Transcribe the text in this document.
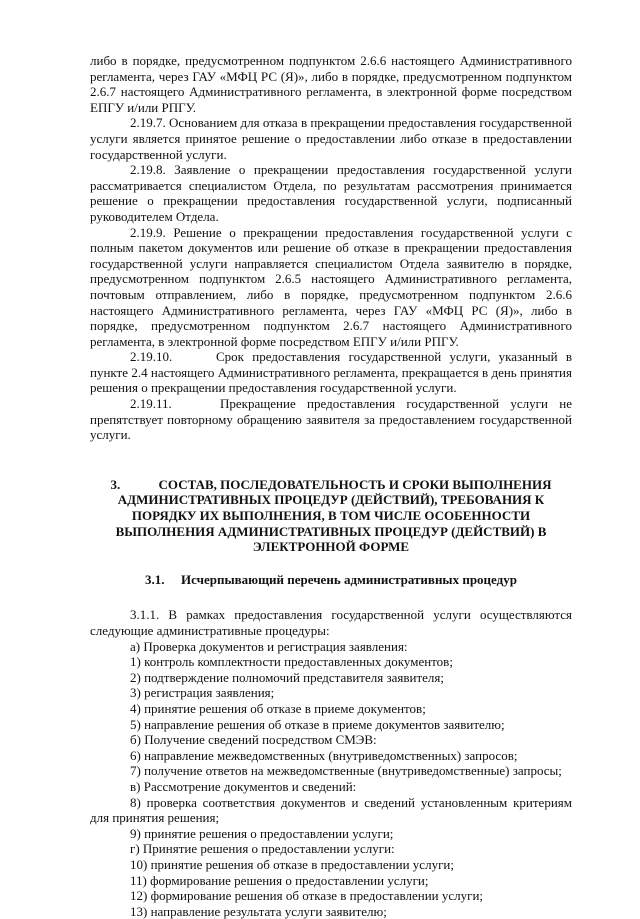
либо в порядке, предусмотренном подпунктом 2.6.6 настоящего Административного регламента, через ГАУ «МФЦ РС (Я)», либо в порядке, предусмотренном подпунктом 2.6.7 настоящего Административного регламента, в электронной форме посредством ЕПГУ и/или РПГУ.

2.19.7. Основанием для отказа в прекращении предоставления государственной услуги является принятое решение о предоставлении либо отказе в предоставлении государственной услуги.

2.19.8. Заявление о прекращении предоставления государственной услуги рассматривается специалистом Отдела, по результатам рассмотрения принимается решение о прекращении предоставления государственной услуги, подписанный руководителем Отдела.

2.19.9. Решение о прекращении предоставления государственной услуги с полным пакетом документов или решение об отказе в прекращении предоставления государственной услуги направляется специалистом Отдела заявителю в порядке, предусмотренном подпунктом 2.6.5 настоящего Административного регламента, почтовым отправлением, либо в порядке, предусмотренном подпунктом 2.6.6 настоящего Административного регламента, через ГАУ «МФЦ РС (Я)», либо в порядке, предусмотренном подпунктом 2.6.7 настоящего Административного регламента, в электронной форме посредством ЕПГУ и/или РПГУ.

2.19.10.	Срок предоставления государственной услуги, указанный в пункте 2.4 настоящего Административного регламента, прекращается в день принятия решения о прекращении предоставления государственной услуги.

2.19.11.	Прекращение предоставления государственной услуги не препятствует повторному обращению заявителя за предоставлением государственной услуги.

3.	СОСТАВ, ПОСЛЕДОВАТЕЛЬНОСТЬ И СРОКИ ВЫПОЛНЕНИЯ АДМИНИСТРАТИВНЫХ ПРОЦЕДУР (ДЕЙСТВИЙ), ТРЕБОВАНИЯ К ПОРЯДКУ ИХ ВЫПОЛНЕНИЯ, В ТОМ ЧИСЛЕ ОСОБЕННОСТИ ВЫПОЛНЕНИЯ АДМИНИСТРАТИВНЫХ ПРОЦЕДУР (ДЕЙСТВИЙ) В ЭЛЕКТРОННОЙ ФОРМЕ
3.1. Исчерпывающий перечень административных процедур

3.1.1. В рамках предоставления государственной услуги осуществляются следующие административные процедуры:

а) Проверка документов и регистрация заявления:

1) контроль комплектности предоставленных документов;

2) подтверждение полномочий представителя заявителя;

3) регистрация заявления;

4) принятие решения об отказе в приеме документов;

5) направление решения об отказе в приеме документов заявителю;

б) Получение сведений посредством СМЭВ:

6) направление межведомственных (внутриведомственных) запросов;

7) получение ответов на межведомственные (внутриведомственные) запросы;

в) Рассмотрение документов и сведений:

8) проверка соответствия документов и сведений установленным критериям для принятия решения;

9) принятие решения о предоставлении услуги;

г) Принятие решения о предоставлении услуги:

10) принятие решения об отказе в предоставлении услуги;

11) формирование решения о предоставлении услуги;

12) формирование решения об отказе в предоставлении услуги;

13) направление результата услуги заявителю;
